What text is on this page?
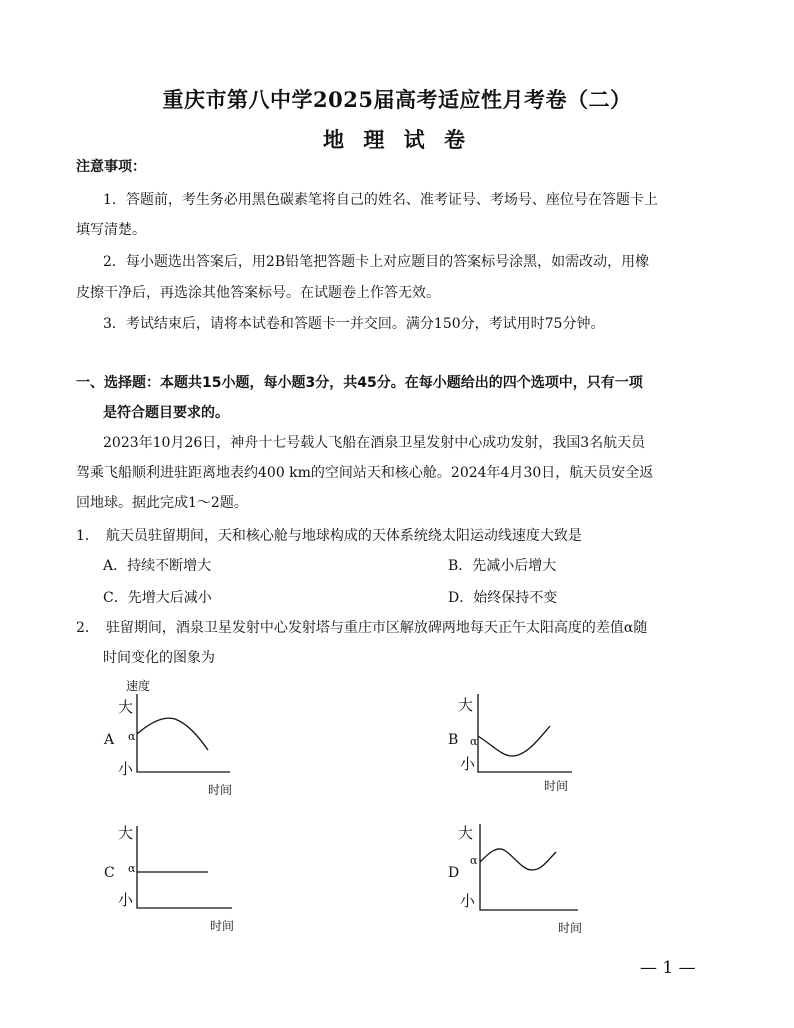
重庆市第八中学2025届高考适应性月考卷（二）
地 理 试 卷
注意事项：
1．答题前，考生务必用黑色碳素笔将自己的姓名、准考证号、考场号、座位号在答题卡上
填写清楚。
2．每小题选出答案后，用2B铅笔把答题卡上对应题目的答案标号涂黑，如需改动，用橡
皮擦干净后，再选涂其他答案标号。在试题卷上作答无效。
3．考试结束后，请将本试卷和答题卡一并交回。满分150分，考试用时75分钟。
一、选择题：本题共15小题，每小题3分，共45分。在每小题给出的四个选项中，只有一项
是符合题目要求的。
2023年10月26日，神舟十七号载人飞船在酒泉卫星发射中心成功发射，我国3名航天员
驾乘飞船顺利进驻距离地表约400 km的空间站天和核心舱。2024年4月30日，航天员安全返
回地球。据此完成1～2题。
1．　航天员驻留期间，天和核心舱与地球构成的天体系统绕太阳运动线速度大致是
A．持续不断增大	B．先减小后增大
C．先增大后减小	D．始终保持不变
2．　驻留期间，酒泉卫星发射中心发射塔与重庄市区解放碑两地每天正午太阳高度的差值α随
时间变化的图象为
速度
大
A α
小
时间
大
B α
小
时间
大
C α
小
时间
大
D
α
小
时间
— 1 —
